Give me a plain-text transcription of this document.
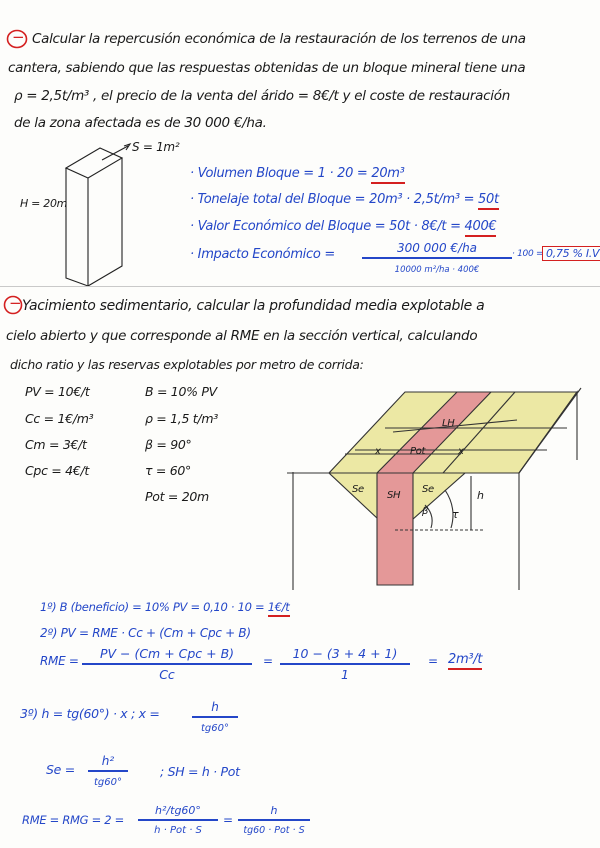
− Calcular la repercusión económica de la restauración de los terrenos de una
cantera, sabiendo que las respuestas obtenidas de un bloque mineral tiene una
ρ = 2,5t/m³ , el precio de la venta del árido = 8€/t y el coste de restauración
de la zona afectada es de 30 000 €/ha.
S = 1m²
H = 20m
· Volumen Bloque = 1 · 20 = 20m³
· Tonelaje total del Bloque = 20m³ · 2,5t/m³ = 50t
· Valor Económico del Bloque = 50t · 8€/t = 400€
· Impacto Económico =	300 000 €/ha
10000 m²/ha · 400€
· 100 = 0,75 % I.V
− Yacimiento sedimentario, calcular la profundidad media explotable a
cielo abierto y que corresponde al RME en la sección vertical, calculando
dicho ratio y las reservas explotables por metro de corrida:
PV = 10€/t
Cc = 1€/m³
Cm = 3€/t
Cpc = 4€/t
B = 10% PV
ρ = 1,5 t/m³
β = 90°
τ = 60°
Pot = 20m
LH
x	Pot	x
Se
SH
Se	h
β τ
1º) B (beneficio) = 10% PV = 0,10 · 10 = 1€/t
2º) PV = RME · Cc + (Cm + Cpc + B)
RME =	PV − (Cm + Cpc + B)
Cc
=	10 − (3 + 4 + 1)
1
= 2m³/t
3º) h = tg(60°) · x ; x =	h
tg60°
Se =
h²
tg60°
; SH = h · Pot
RME = RMG = 2 =
h²/tg60°
h · Pot · S
=
h
tg60 · Pot · S
